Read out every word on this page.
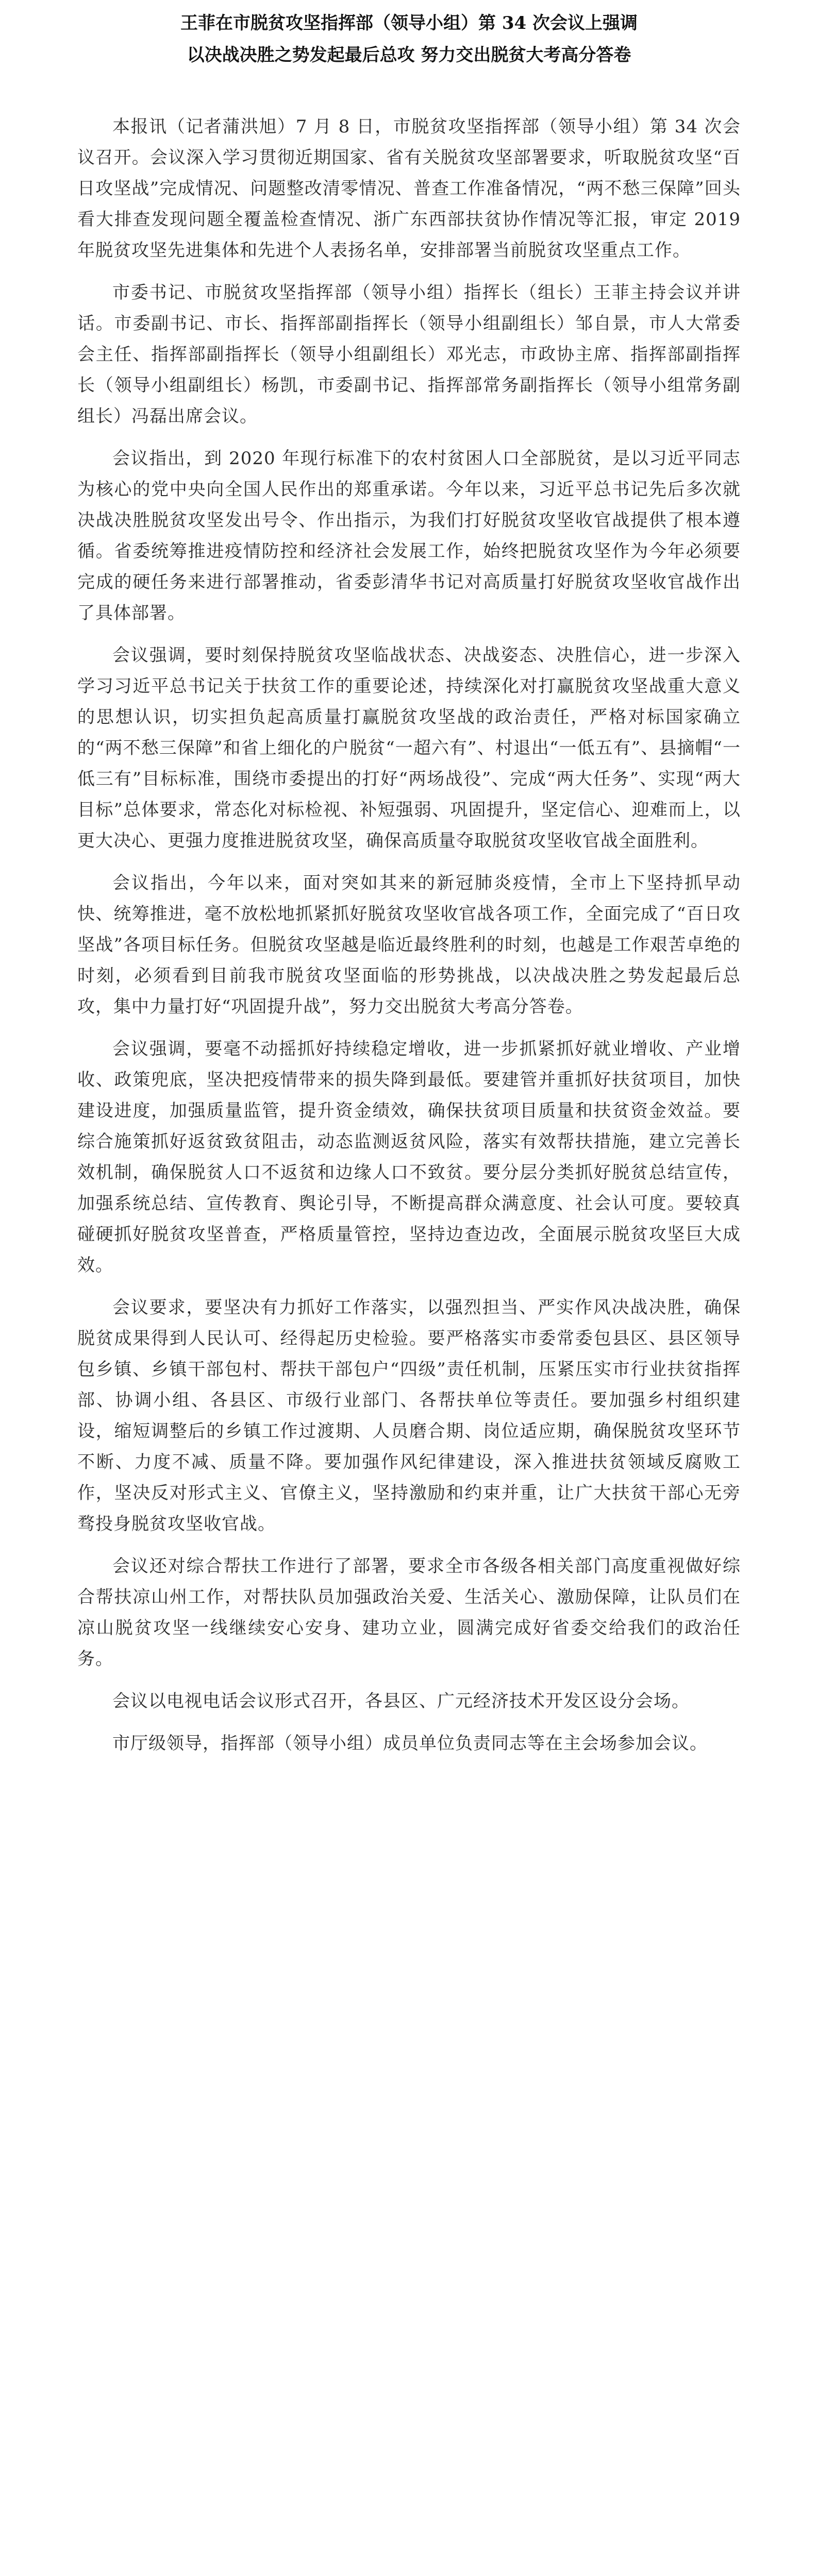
王菲在市脱贫攻坚指挥部（领导小组）第 34 次会议上强调
以决战决胜之势发起最后总攻 努力交出脱贫大考高分答卷

本报讯（记者蒲洪旭）7 月 8 日，市脱贫攻坚指挥部（领导小组）第 34 次会议召开。会议深入学习贯彻近期国家、省有关脱贫攻坚部署要求，听取脱贫攻坚“百日攻坚战”完成情况、问题整改清零情况、普查工作准备情况，“两不愁三保障”回头看大排查发现问题全覆盖检查情况、浙广东西部扶贫协作情况等汇报，审定 2019 年脱贫攻坚先进集体和先进个人表扬名单，安排部署当前脱贫攻坚重点工作。

市委书记、市脱贫攻坚指挥部（领导小组）指挥长（组长）王菲主持会议并讲话。市委副书记、市长、指挥部副指挥长（领导小组副组长）邹自景，市人大常委会主任、指挥部副指挥长（领导小组副组长）邓光志，市政协主席、指挥部副指挥长（领导小组副组长）杨凯，市委副书记、指挥部常务副指挥长（领导小组常务副组长）冯磊出席会议。

会议指出，到 2020 年现行标准下的农村贫困人口全部脱贫，是以习近平同志为核心的党中央向全国人民作出的郑重承诺。今年以来，习近平总书记先后多次就决战决胜脱贫攻坚发出号令、作出指示，为我们打好脱贫攻坚收官战提供了根本遵循。省委统筹推进疫情防控和经济社会发展工作，始终把脱贫攻坚作为今年必须要完成的硬任务来进行部署推动，省委彭清华书记对高质量打好脱贫攻坚收官战作出了具体部署。

会议强调，要时刻保持脱贫攻坚临战状态、决战姿态、决胜信心，进一步深入学习习近平总书记关于扶贫工作的重要论述，持续深化对打赢脱贫攻坚战重大意义的思想认识，切实担负起高质量打赢脱贫攻坚战的政治责任，严格对标国家确立的“两不愁三保障”和省上细化的户脱贫“一超六有”、村退出“一低五有”、县摘帽“一低三有”目标标准，围绕市委提出的打好“两场战役”、完成“两大任务”、实现“两大目标”总体要求，常态化对标检视、补短强弱、巩固提升，坚定信心、迎难而上，以更大决心、更强力度推进脱贫攻坚，确保高质量夺取脱贫攻坚收官战全面胜利。

会议指出，今年以来，面对突如其来的新冠肺炎疫情，全市上下坚持抓早动快、统筹推进，毫不放松地抓紧抓好脱贫攻坚收官战各项工作，全面完成了“百日攻坚战”各项目标任务。但脱贫攻坚越是临近最终胜利的时刻，也越是工作艰苦卓绝的时刻，必须看到目前我市脱贫攻坚面临的形势挑战，以决战决胜之势发起最后总攻，集中力量打好“巩固提升战”，努力交出脱贫大考高分答卷。

会议强调，要毫不动摇抓好持续稳定增收，进一步抓紧抓好就业增收、产业增收、政策兜底，坚决把疫情带来的损失降到最低。要建管并重抓好扶贫项目，加快建设进度，加强质量监管，提升资金绩效，确保扶贫项目质量和扶贫资金效益。要综合施策抓好返贫致贫阻击，动态监测返贫风险，落实有效帮扶措施，建立完善长效机制，确保脱贫人口不返贫和边缘人口不致贫。要分层分类抓好脱贫总结宣传，加强系统总结、宣传教育、舆论引导，不断提高群众满意度、社会认可度。要较真碰硬抓好脱贫攻坚普查，严格质量管控，坚持边查边改，全面展示脱贫攻坚巨大成效。

会议要求，要坚决有力抓好工作落实，以强烈担当、严实作风决战决胜，确保脱贫成果得到人民认可、经得起历史检验。要严格落实市委常委包县区、县区领导包乡镇、乡镇干部包村、帮扶干部包户“四级”责任机制，压紧压实市行业扶贫指挥部、协调小组、各县区、市级行业部门、各帮扶单位等责任。要加强乡村组织建设，缩短调整后的乡镇工作过渡期、人员磨合期、岗位适应期，确保脱贫攻坚环节不断、力度不减、质量不降。要加强作风纪律建设，深入推进扶贫领域反腐败工作，坚决反对形式主义、官僚主义，坚持激励和约束并重，让广大扶贫干部心无旁骛投身脱贫攻坚收官战。

会议还对综合帮扶工作进行了部署，要求全市各级各相关部门高度重视做好综合帮扶凉山州工作，对帮扶队员加强政治关爱、生活关心、激励保障，让队员们在凉山脱贫攻坚一线继续安心安身、建功立业，圆满完成好省委交给我们的政治任务。

会议以电视电话会议形式召开，各县区、广元经济技术开发区设分会场。

市厅级领导，指挥部（领导小组）成员单位负责同志等在主会场参加会议。
